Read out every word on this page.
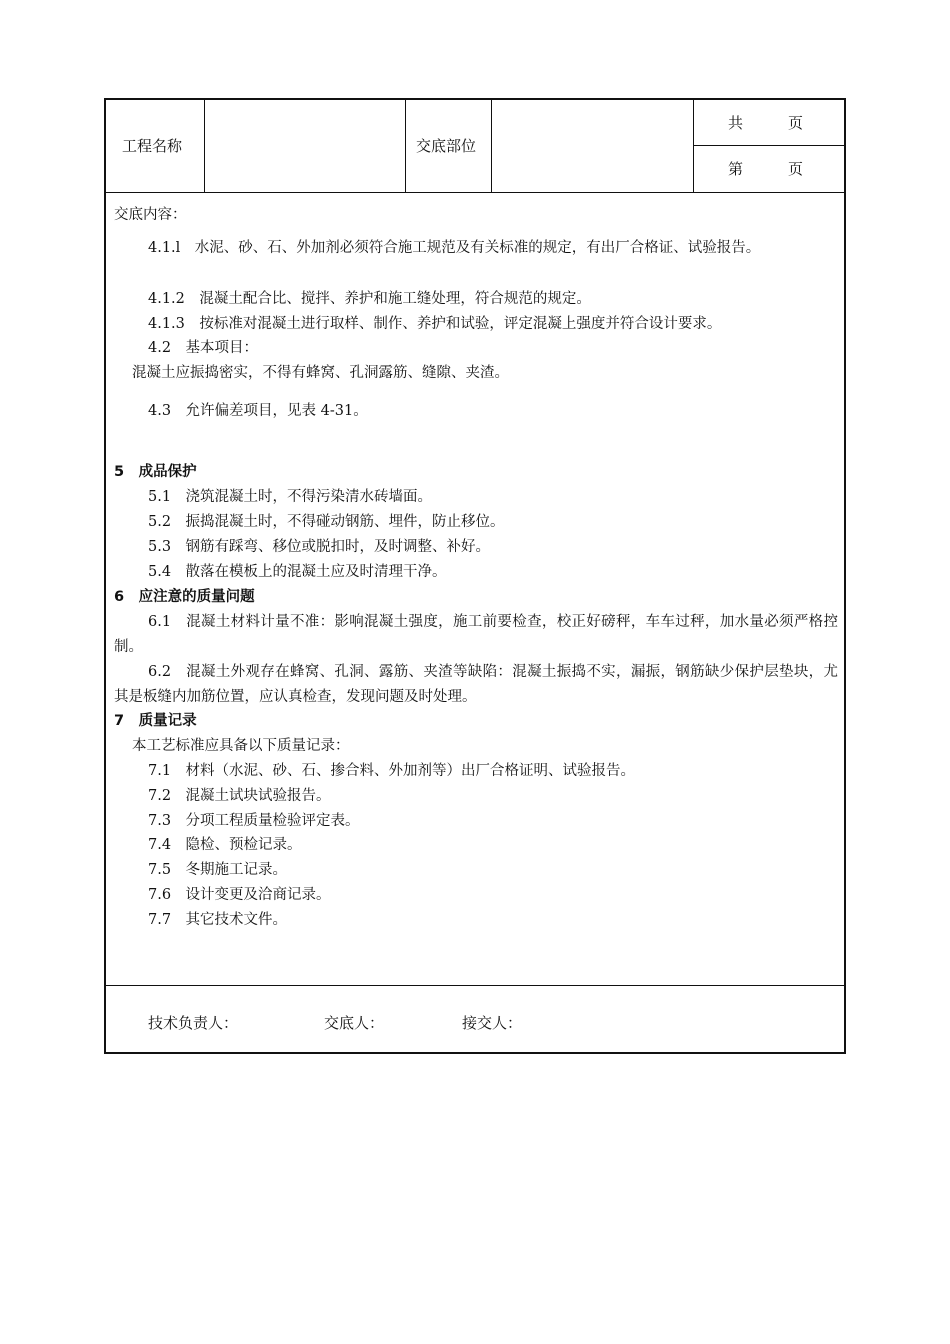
工程名称	交底部位
共　　　页
第　　　页
交底内容：
4.1.l　水泥、砂、石、外加剂必须符合施工规范及有关标准的规定，有出厂合格证、试验报告。
4.1.2　混凝土配合比、搅拌、养护和施工缝处理，符合规范的规定。
4.1.3　按标准对混凝土进行取样、制作、养护和试验，评定混凝上强度并符合设计要求。
4.2　基本项目：
混凝土应振捣密实，不得有蜂窝、孔洞露筋、缝隙、夹渣。
4.3　允许偏差项目，见表 4-31。
5　成品保护
5.1　浇筑混凝土时，不得污染清水砖墙面。
5.2　振捣混凝土时，不得碰动钢筋、埋件，防止移位。
5.3　钢筋有踩弯、移位或脱扣时，及时调整、补好。
5.4　散落在模板上的混凝土应及时清理干净。
6　应注意的质量问题
6.1　混凝土材料计量不准：影响混凝土强度，施工前要检查，校正好磅秤，车车过秤，加水量必须严格控制。
6.2　混凝土外观存在蜂窝、孔洞、露筋、夹渣等缺陷：混凝土振捣不实，漏振，钢筋缺少保护层垫块，尤其是板缝内加筋位置，应认真检查，发现问题及时处理。
7　质量记录
本工艺标准应具备以下质量记录：
7.1　材料（水泥、砂、石、掺合料、外加剂等）出厂合格证明、试验报告。
7.2　混凝土试块试验报告。
7.3　分项工程质量检验评定表。
7.4　隐检、预检记录。
7.5　冬期施工记录。
7.6　设计变更及洽商记录。
7.7　其它技术文件。
技术负责人：	交底人：	接交人：
